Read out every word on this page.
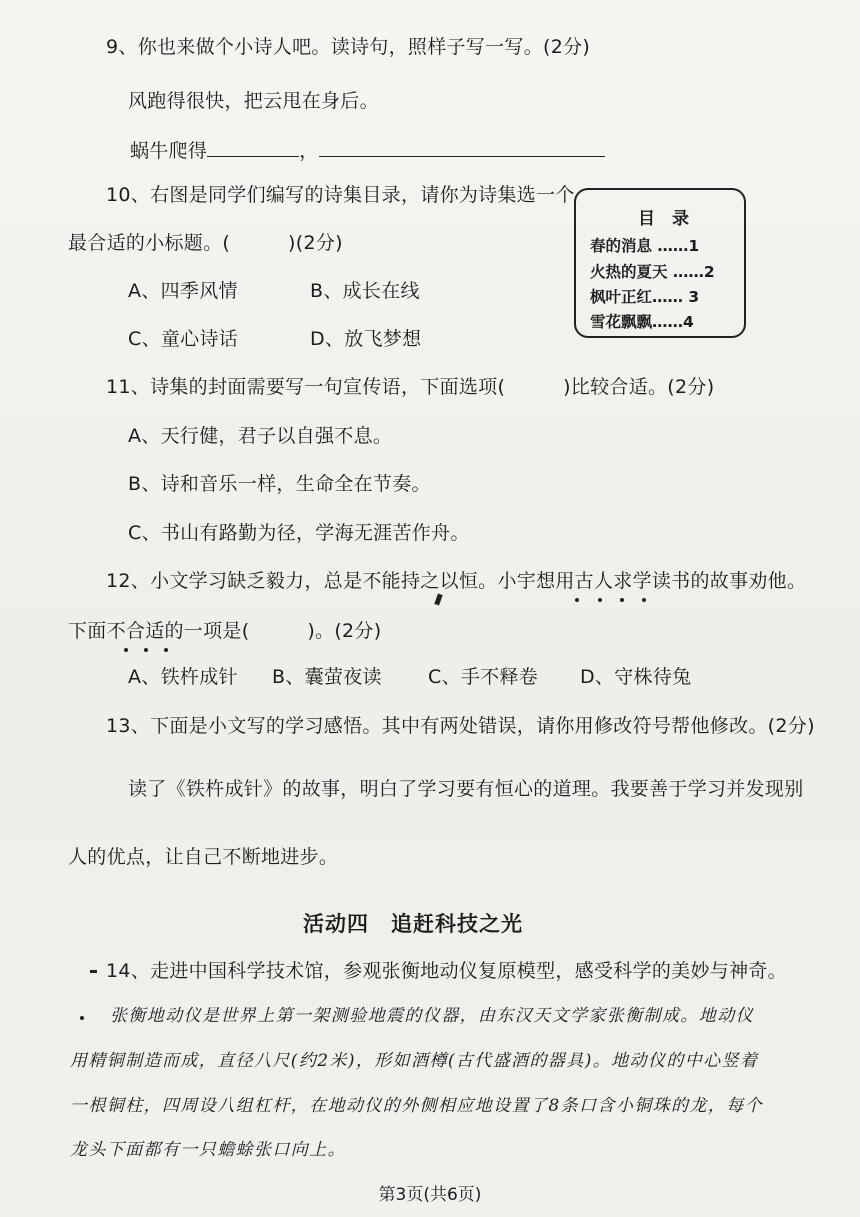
9、你也来做个小诗人吧。读诗句，照样子写一写。(2分)
风跑得很快，把云甩在身后。
蜗牛爬得	，
10、右图是同学们编写的诗集目录，请你为诗集选一个
最合适的小标题。(　　　)(2分)
A、四季风情	B、成长在线
C、童心诗话	D、放飞梦想
目　录
春的消息 ……1
火热的夏天 ……2
枫叶正红…… 3
雪花飘飘……4
11、诗集的封面需要写一句宣传语，下面选项(　　　)比较合适。(2分)
A、天行健，君子以自强不息。
B、诗和音乐一样，生命全在节奏。
C、书山有路勤为径，学海无涯苦作舟。
12、小文学习缺乏毅力，总是不能持之以恒。小宇想用古人求学读书的故事劝他。
下面不合适的一项是(　　　)。(2分)
A、铁杵成针 B、囊萤夜读 C、手不释卷 D、守株待兔
13、下面是小文写的学习感悟。其中有两处错误，请你用修改符号帮他修改。(2分)
读了《铁杵成针》的故事，明白了学习要有恒心的道理。我要善于学习并发现别
人的优点，让自己不断地进步。
活动四　追赶科技之光
14、走进中国科学技术馆，参观张衡地动仪复原模型，感受科学的美妙与神奇。
张衡地动仪是世界上第一架测验地震的仪器，由东汉天文学家张衡制成。地动仪
用精铜制造而成，直径八尺(约2米)，形如酒樽(古代盛酒的器具)。地动仪的中心竖着
一根铜柱，四周设八组杠杆，在地动仪的外侧相应地设置了8条口含小铜珠的龙，每个
龙头下面都有一只蟾蜍张口向上。
第3页(共6页)
